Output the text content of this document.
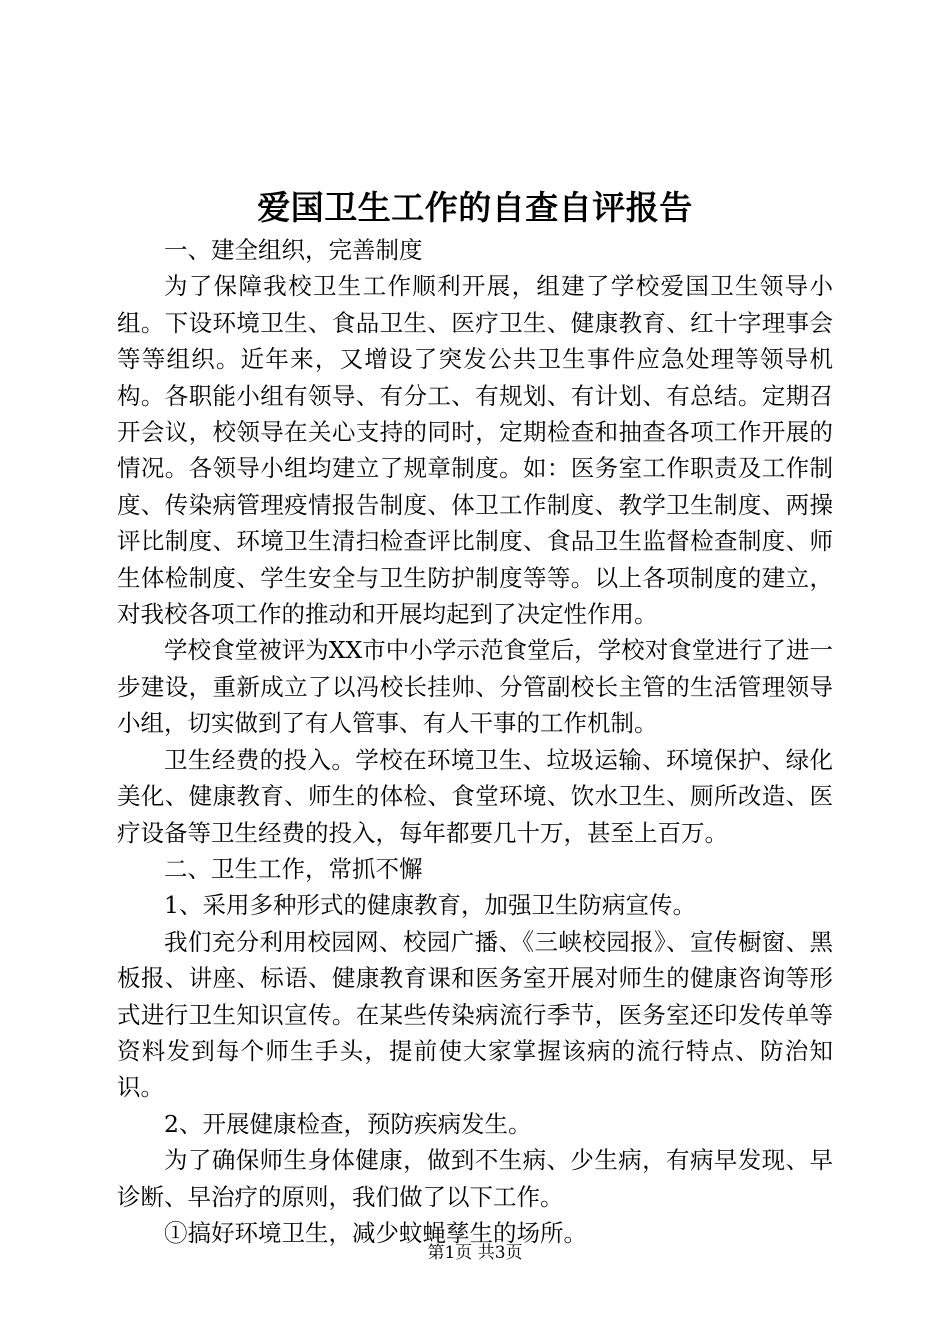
爱国卫生工作的自查自评报告

一、建全组织，完善制度

为了保障我校卫生工作顺利开展，组建了学校爱国卫生领导小组。下设环境卫生、食品卫生、医疗卫生、健康教育、红十字理事会等等组织。近年来，又增设了突发公共卫生事件应急处理等领导机构。各职能小组有领导、有分工、有规划、有计划、有总结。定期召开会议，校领导在关心支持的同时，定期检查和抽查各项工作开展的情况。各领导小组均建立了规章制度。如：医务室工作职责及工作制度、传染病管理疫情报告制度、体卫工作制度、教学卫生制度、两操评比制度、环境卫生清扫检查评比制度、食品卫生监督检查制度、师生体检制度、学生安全与卫生防护制度等等。以上各项制度的建立，对我校各项工作的推动和开展均起到了决定性作用。

学校食堂被评为XX市中小学示范食堂后，学校对食堂进行了进一步建设，重新成立了以冯校长挂帅、分管副校长主管的生活管理领导小组，切实做到了有人管事、有人干事的工作机制。

卫生经费的投入。学校在环境卫生、垃圾运输、环境保护、绿化美化、健康教育、师生的体检、食堂环境、饮水卫生、厕所改造、医疗设备等卫生经费的投入，每年都要几十万，甚至上百万。

二、卫生工作，常抓不懈

1、采用多种形式的健康教育，加强卫生防病宣传。

我们充分利用校园网、校园广播、《三峡校园报》、宣传橱窗、黑板报、讲座、标语、健康教育课和医务室开展对师生的健康咨询等形式进行卫生知识宣传。在某些传染病流行季节，医务室还印发传单等资料发到每个师生手头，提前使大家掌握该病的流行特点、防治知识。

2、开展健康检查，预防疾病发生。

为了确保师生身体健康，做到不生病、少生病，有病早发现、早诊断、早治疗的原则，我们做了以下工作。

①搞好环境卫生，减少蚊蝇孳生的场所。

第1页 共3页
